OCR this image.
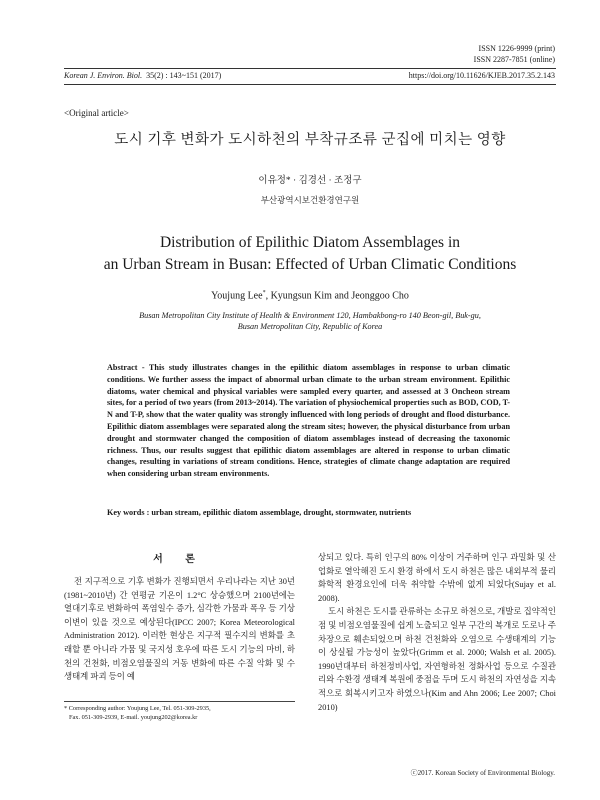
ISSN 1226-9999 (print)
ISSN 2287-7851 (online)
Korean J. Environ. Biol. 35(2) : 143~151 (2017)	https://doi.org/10.11626/KJEB.2017.35.2.143
<Original article>
도시 기후 변화가 도시하천의 부착규조류 군집에 미치는 영향
이유정* · 김경선 · 조정구
부산광역시보건환경연구원
Distribution of Epilithic Diatom Assemblages in
an Urban Stream in Busan: Effected of Urban Climatic Conditions
Youjung Lee*, Kyungsun Kim and Jeonggoo Cho
Busan Metropolitan City Institute of Health & Environment 120, Hambakbong-ro 140 Beon-gil, Buk-gu,
Busan Metropolitan City, Republic of Korea
Abstract - This study illustrates changes in the epilithic diatom assemblages in response to urban climatic conditions. We further assess the impact of abnormal urban climate to the urban stream environment. Epilithic diatoms, water chemical and physical variables were sampled every quarter, and assessed at 3 Oncheon stream sites, for a period of two years (from 2013~2014). The variation of physiochemical properties such as BOD, COD, T-N and T-P, show that the water quality was strongly influenced with long periods of drought and flood disturbance. Epilithic diatom assemblages were separated along the stream sites; however, the physical disturbance from urban drought and stormwater changed the composition of diatom assemblages instead of decreasing the taxonomic richness. Thus, our results suggest that epilithic diatom assemblages are altered in response to urban climatic changes, resulting in variations of stream conditions. Hence, strategies of climate change adaptation are required when considering urban stream environments.
Key words : urban stream, epilithic diatom assemblage, drought, stormwater, nutrients
서 론

전 지구적으로 기후 변화가 진행되면서 우리나라는 지난 30년(1981~2010년) 간 연평균 기온이 1.2°C 상승했으며 2100년에는 열대기후로 변화하여 폭염일수 증가, 심각한 가뭄과 폭우 등 기상이변이 있을 것으로 예상된다(IPCC 2007; Korea Meteorological Administration 2012). 이러한 현상은 지구적 필수지의 변화를 초래할 뿐 아니라 가뭄 및 국지성 호우에 따른 도시 기능의 마비, 하천의 건천화, 비점오염물질의 거동 변화에 따른 수질 악화 및 수생태계 파괴 등이 예

상되고 있다. 특히 인구의 80% 이상이 거주하며 인구 과밀화 및 산업화로 열악해진 도시 환경 하에서 도시 하천은 많은 내외부적 물리화학적 환경요인에 더욱 취약할 수밖에 없게 되었다(Sujay et al. 2008).

도시 하천은 도시를 관류하는 소규모 하천으로, 개발로 집약적인 점 및 비점오염물질에 쉽게 노출되고 일부 구간의 복개로 도로나 주차장으로 훼손되었으며 하천 건천화와 오염으로 수생태계의 기능이 상실될 가능성이 높았다(Grimm et al. 2000; Walsh et al. 2005). 1990년대부터 하천정비사업, 자연형하천 정화사업 등으로 수질관리와 수환경 생태계 복원에 중점을 두며 도시 하천의 자연성을 지속적으로 회복시키고자 하였으나(Kim and Ahn 2006; Lee 2007; Choi 2010)

* Corresponding author: Youjung Lee, Tel. 051-309-2935,
Fax. 051-309-2939, E-mail. youjung202@korea.kr
ⓒ2017. Korean Society of Environmental Biology.
